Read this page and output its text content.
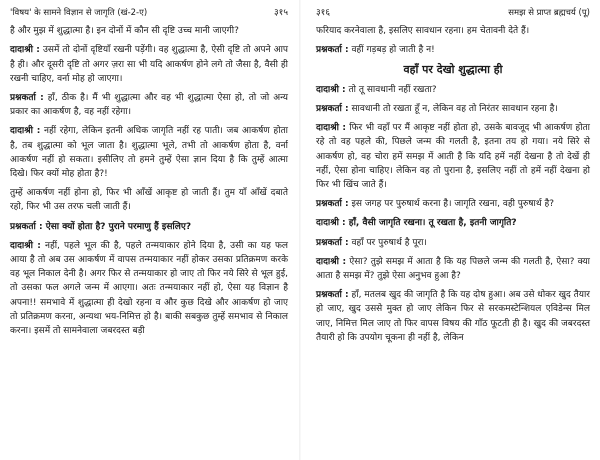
'विषय' के सामने विज्ञान से जागृति (खं-2-ए)	३१५

है और मुझ में शुद्धात्मा है। इन दोनों में कौन सी दृष्टि उच्च मानी जाएगी?

दादाश्री : उसमें तो दोनों दृष्टियाँ रखनी पड़ेंगी। वह शुद्धात्मा है, ऐसी दृष्टि तो अपने आप है ही। और दूसरी दृष्टि तो अगर ज़रा सा भी यदि आकर्षण होने लगे तो जैसा है, वैसी ही रखनी चाहिए, वर्ना मोह हो जाएगा।

प्रश्नकर्ता : हाँ, ठीक है। मैं भी शुद्धात्मा और वह भी शुद्धात्मा ऐसा हो, तो जो अन्य प्रकार का आकर्षण है, वह नहीं रहेगा।

दादाश्री : नहीं रहेगा, लेकिन इतनी अधिक जागृति नहीं रह पाती। जब आकर्षण होता है, तब शुद्धात्मा को भूल जाता है। शुद्धात्मा भूले, तभी तो आकर्षण होता है, वर्ना आकर्षण नहीं हो सकता। इसीलिए तो हमने तुम्हें ऐसा ज्ञान दिया है कि तुम्हें आत्मा दिखे। फिर क्यों मोह होता है?!

तुम्हें आकर्षण नहीं होना हो, फिर भी आँखें आकृष्ट हो जाती हैं। तुम याँ आँखें दबाते रहो, फिर भी उस तरफ चली जाती हैं।

प्रश्नकर्ता : ऐसा क्यों होता है? पुराने परमाणु हैं इसलिए?

दादाश्री : नहीं, पहले भूल की है, पहले तन्मयाकार होने दिया है, उसी का यह फल आया है तो अब उस आकर्षण में वापस तन्मयाकार नहीं होकर उसका प्रतिक्रमण करके वह भूल निकाल देनी है। अगर फिर से तन्मयाकार हो जाए तो फिर नये सिरे से भूल हुई, तो उसका फल अगले जन्म में आएगा। अतः तन्मयाकार नहीं हो, ऐसा यह विज्ञान है अपना!! समभावे में शुद्धात्मा ही देखो रहना व और कुछ दिखे और आकर्षण हो जाए तो प्रतिक्रमण करना, अन्यथा भय-निमित्त हो है। बाकी सबकुछ तुम्हें समभाव से निकाल करना। इसमें तो सामनेवाला जबरदस्त बड़ी

३१६	समझ से प्राप्त ब्रह्मचर्य (पू)

फरियाद करनेवाला है, इसलिए सावधान रहना। हम चेतावनी देते हैं।

प्रश्नकर्ता : वहीं गड़बड़ हो जाती है न!

वहाँ पर देखो शुद्धात्मा ही

दादाश्री : तो तू सावधानी नहीं रखता?

प्रश्नकर्ता : सावधानी तो रखता हूँ न, लेकिन वह तो निरंतर सावधान रहना है।

दादाश्री : फिर भी वहाँ पर मैं आकृष्ट नहीं होता हो, उसके बावजूद भी आकर्षण होता रहे तो वह पहले की, पिछले जन्म की गलती है, इतना तय हो गया। नये सिरे से आकर्षण हो, वह चोरा हमें समझ में आती है कि यदि हमें नहीं देखना है तो देखें ही नहीं, ऐसा होना चाहिए। लेकिन वह तो पुराना है, इसलिए नहीं तो हमें नहीं देखना हो फिर भी खिंच जाते हैं।

प्रश्नकर्ता : इस जगह पर पुरुषार्थ करना है। जागृति रखना, वही पुरुषार्थ है?

दादाश्री : हाँ, वैसी जागृति रखना। तू रखता है, इतनी जागृति?

प्रश्नकर्ता : वहाँ पर पुरुषार्थ है पूरा।

दादाश्री : ऐसा? तुझे समझ में आता है कि यह पिछले जन्म की गलती है, ऐसा? क्या आता है समझ में? तुझे ऐसा अनुभव हुआ है?

प्रश्नकर्ता : हाँ, मतलब खुद की जागृति है कि यह दोष हुआ। अब उसे धोकर खुद तैयार हो जाए, खुद उससे मुक्त हो जाए लेकिन फिर से सरकमस्टेन्शियल एविडेन्स मिल जाए, निमित्त मिल जाए तो फिर वापस विषय की गाँठ फूटती ही है। खुद की जबरदस्त तैयारी हो कि उपयोग चूकना ही नहीं है, लेकिन
